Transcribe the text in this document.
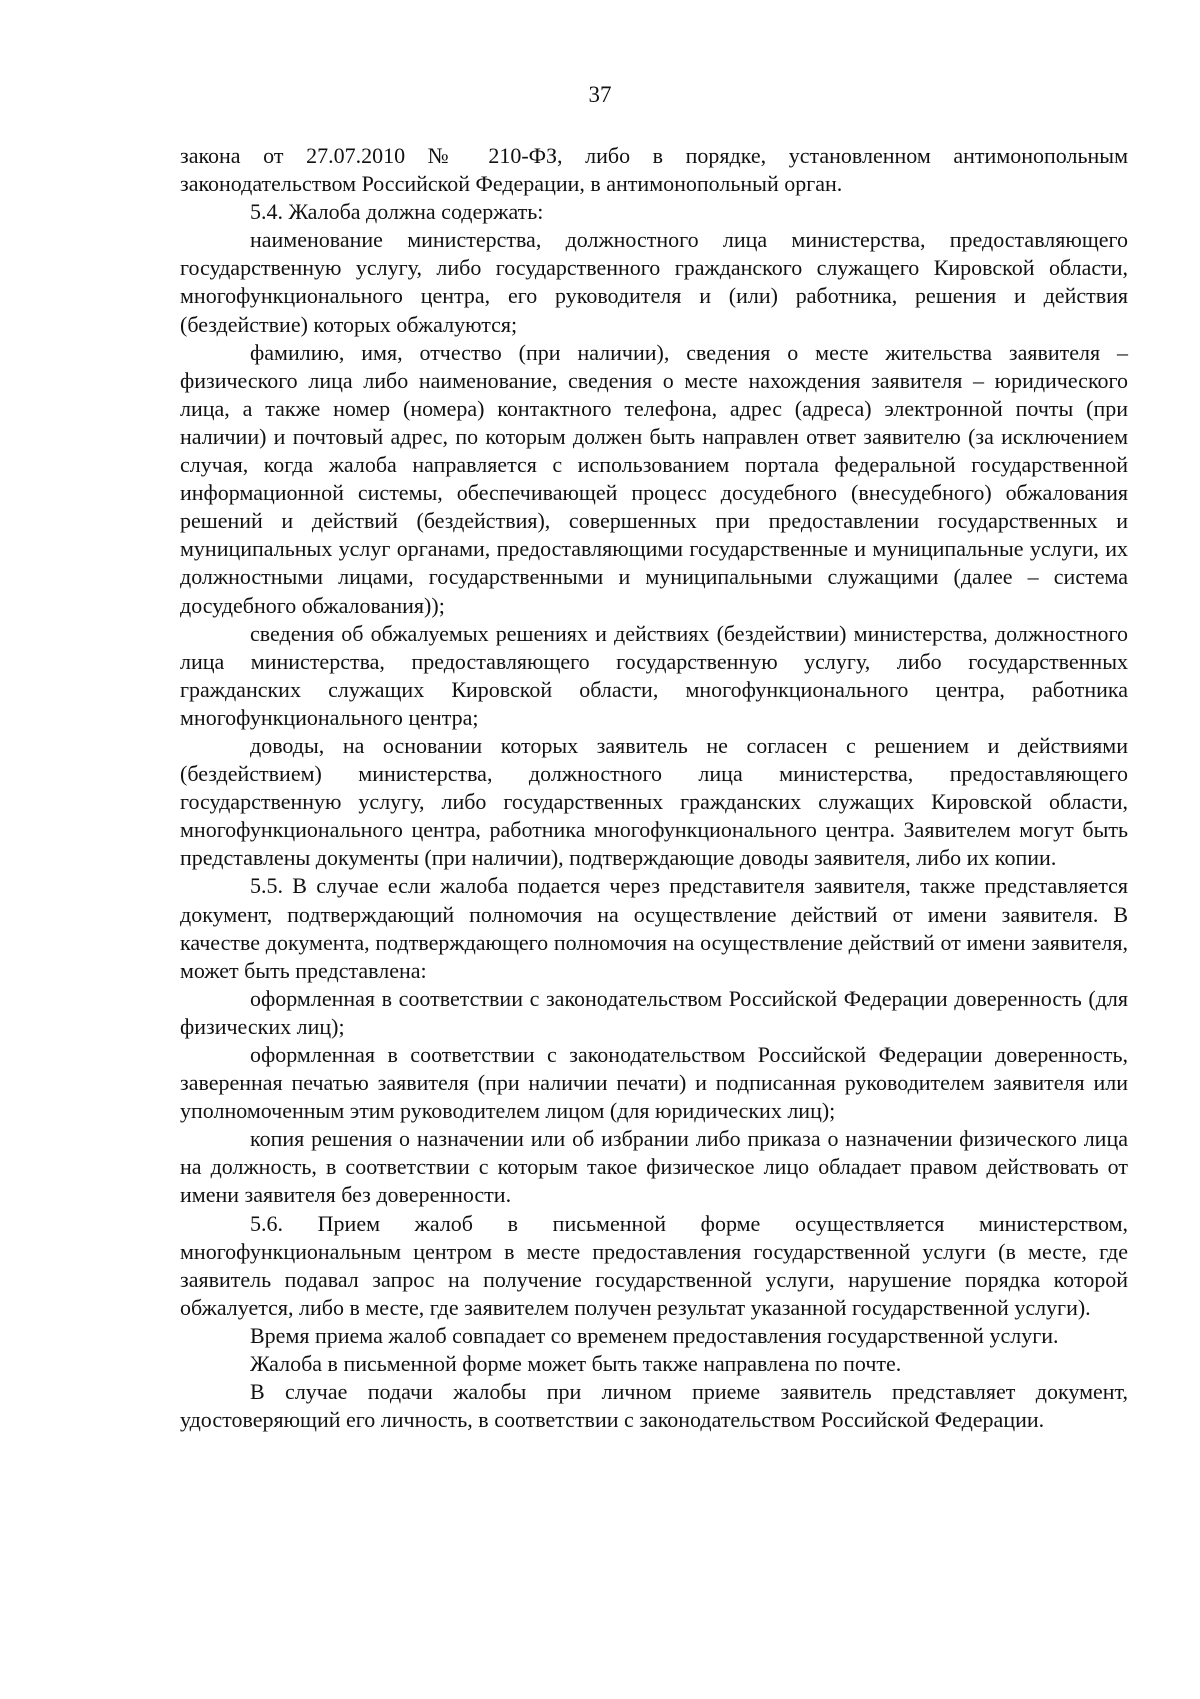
37

закона от 27.07.2010 № 210-ФЗ, либо в порядке, установленном антимонопольным законодательством Российской Федерации, в антимонопольный орган.

5.4. Жалоба должна содержать:

наименование министерства, должностного лица министерства, предоставляющего государственную услугу, либо государственного гражданского служащего Кировской области, многофункционального центра, его руководителя и (или) работника, решения и действия (бездействие) которых обжалуются;

фамилию, имя, отчество (при наличии), сведения о месте жительства заявителя – физического лица либо наименование, сведения о месте нахождения заявителя – юридического лица, а также номер (номера) контактного телефона, адрес (адреса) электронной почты (при наличии) и почтовый адрес, по которым должен быть направлен ответ заявителю (за исключением случая, когда жалоба направляется с использованием портала федеральной государственной информационной системы, обеспечивающей процесс досудебного (внесудебного) обжалования решений и действий (бездействия), совершенных при предоставлении государственных и муниципальных услуг органами, предоставляющими государственные и муниципальные услуги, их должностными лицами, государственными и муниципальными служащими (далее – система досудебного обжалования));

сведения об обжалуемых решениях и действиях (бездействии) министерства, должностного лица министерства, предоставляющего государственную услугу, либо государственных гражданских служащих Кировской области, многофункционального центра, работника многофункционального центра;

доводы, на основании которых заявитель не согласен с решением и действиями (бездействием) министерства, должностного лица министерства, предоставляющего государственную услугу, либо государственных гражданских служащих Кировской области, многофункционального центра, работника многофункционального центра. Заявителем могут быть представлены документы (при наличии), подтверждающие доводы заявителя, либо их копии.

5.5. В случае если жалоба подается через представителя заявителя, также представляется документ, подтверждающий полномочия на осуществление действий от имени заявителя. В качестве документа, подтверждающего полномочия на осуществление действий от имени заявителя, может быть представлена:

оформленная в соответствии с законодательством Российской Федерации доверенность (для физических лиц);

оформленная в соответствии с законодательством Российской Федерации доверенность, заверенная печатью заявителя (при наличии печати) и подписанная руководителем заявителя или уполномоченным этим руководителем лицом (для юридических лиц);

копия решения о назначении или об избрании либо приказа о назначении физического лица на должность, в соответствии с которым такое физическое лицо обладает правом действовать от имени заявителя без доверенности.

5.6. Прием жалоб в письменной форме осуществляется министерством, многофункциональным центром в месте предоставления государственной услуги (в месте, где заявитель подавал запрос на получение государственной услуги, нарушение порядка которой обжалуется, либо в месте, где заявителем получен результат указанной государственной услуги).

Время приема жалоб совпадает со временем предоставления государственной услуги.

Жалоба в письменной форме может быть также направлена по почте.

В случае подачи жалобы при личном приеме заявитель представляет документ, удостоверяющий его личность, в соответствии с законодательством Российской Федерации.
